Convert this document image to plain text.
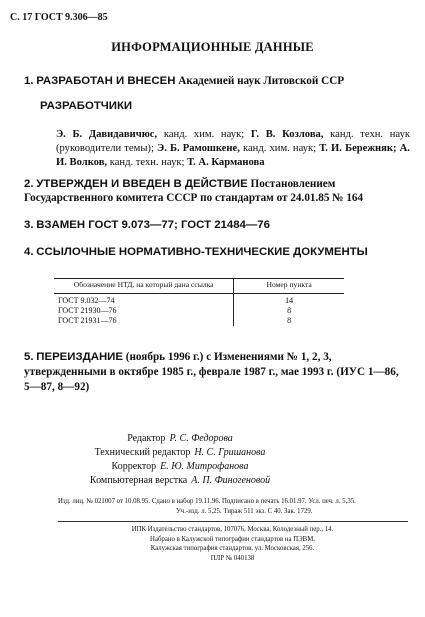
С. 17 ГОСТ 9.306—85
ИНФОРМАЦИОННЫЕ ДАННЫЕ
1. РАЗРАБОТАН И ВНЕСЕН Академией наук Литовской ССР
РАЗРАБОТЧИКИ
Э. Б. Давидавичюс, канд. хим. наук; Г. В. Козлова, канд. техн. наук (руководители темы); Э. Б. Рамошкене, канд. хим. наук; Т. И. Бережняк; А. И. Волков, канд. техн. наук; Т. А. Карманова
2. УТВЕРЖДЕН И ВВЕДЕН В ДЕЙСТВИЕ Постановлением Государственного комитета СССР по стандартам от 24.01.85 № 164
3. ВЗАМЕН ГОСТ 9.073—77; ГОСТ 21484—76
4. ССЫЛОЧНЫЕ НОРМАТИВНО-ТЕХНИЧЕСКИЕ ДОКУМЕНТЫ
Обозначение НТД, на который дана ссылка	Номер пункта
ГОСТ 9.032—74	14
ГОСТ 21930—76	8
ГОСТ 21931—76	8
5. ПЕРЕИЗДАНИЕ (ноябрь 1996 г.) с Изменениями № 1, 2, 3, утвержденными в октябре 1985 г., феврале 1987 г., мае 1993 г. (ИУС 1—86, 5—87, 8—92)
Редактор Р. С. Федорова
Технический редактор Н. С. Гришанова
Корректор Е. Ю. Митрофанова
Компьютерная верстка А. П. Финогеновой
Изд. лиц. № 021007 от 10.08.95. Сдано в набор 19.11.96. Подписано в печать 16.01.97. Усл. печ. л. 5,35.
Уч.-изд. л. 5,25. Тираж 511 экз. С 40. Зак. 1729.
ИПК Издательство стандартов, 107076, Москва, Колодезный пер., 14.
Набрано в Калужской типографии стандартов на ПЭВМ.
Калужская типография стандартов, ул. Московская, 256.
ПЛР № 040138
